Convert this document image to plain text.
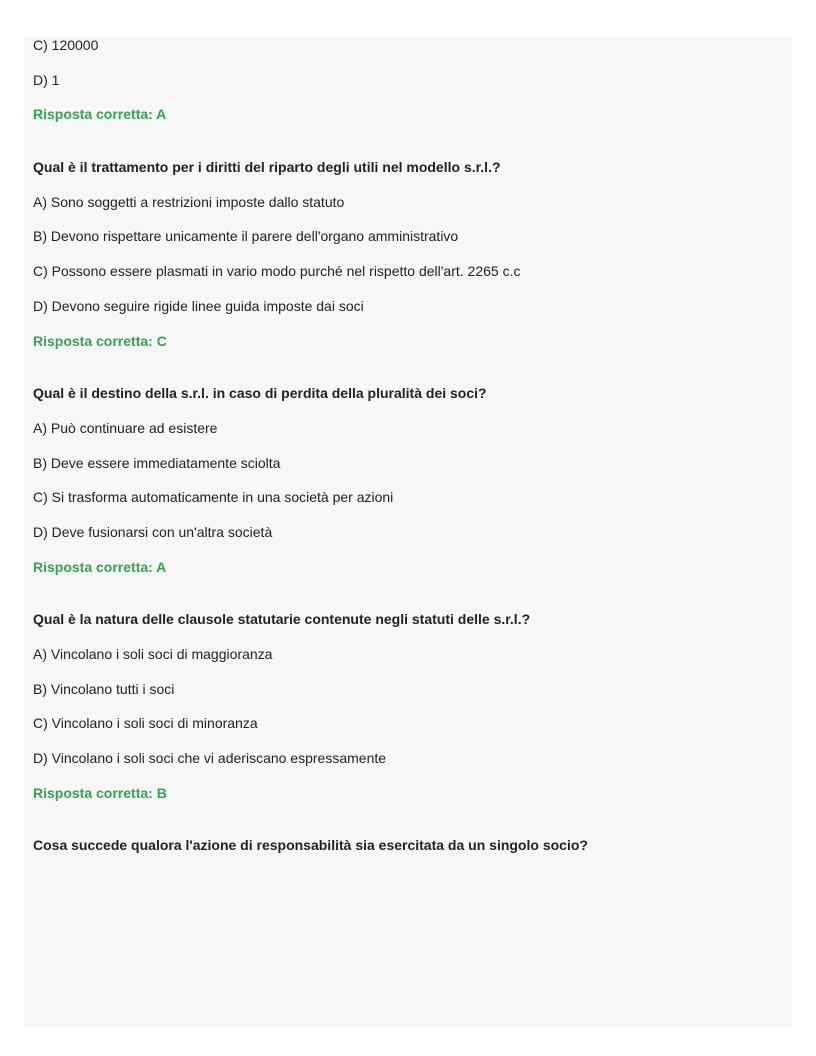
C) 120000
D) 1
Risposta corretta: A
Qual è il trattamento per i diritti del riparto degli utili nel modello s.r.l.?
A) Sono soggetti a restrizioni imposte dallo statuto
B) Devono rispettare unicamente il parere dell'organo amministrativo
C) Possono essere plasmati in vario modo purché nel rispetto dell'art. 2265 c.c
D) Devono seguire rigide linee guida imposte dai soci
Risposta corretta: C
Qual è il destino della s.r.l. in caso di perdita della pluralità dei soci?
A) Può continuare ad esistere
B) Deve essere immediatamente sciolta
C) Si trasforma automaticamente in una società per azioni
D) Deve fusionarsi con un'altra società
Risposta corretta: A
Qual è la natura delle clausole statutarie contenute negli statuti delle s.r.l.?
A) Vincolano i soli soci di maggioranza
B) Vincolano tutti i soci
C) Vincolano i soli soci di minoranza
D) Vincolano i soli soci che vi aderiscano espressamente
Risposta corretta: B
Cosa succede qualora l'azione di responsabilità sia esercitata da un singolo socio?
